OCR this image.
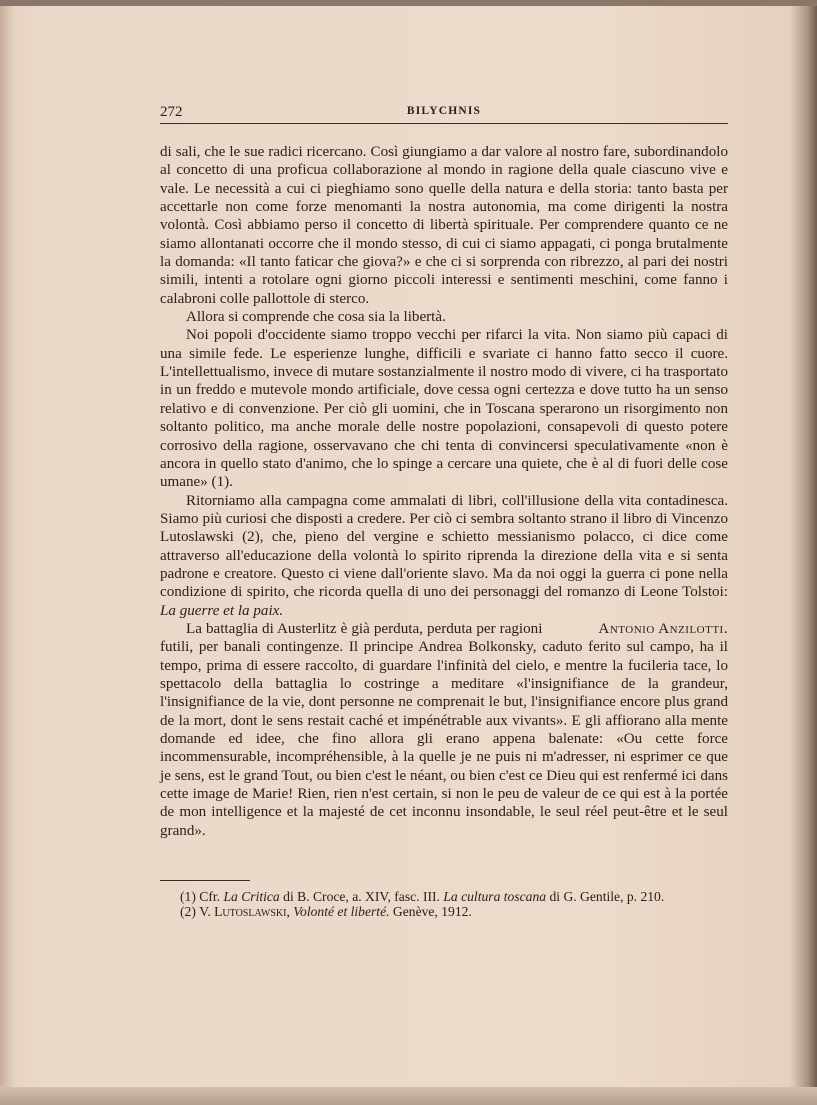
272	BILYCHNIS

di sali, che le sue radici ricercano. Così giungiamo a dar valore al nostro fare, subordinandolo al concetto di una proficua collaborazione al mondo in ragione della quale ciascuno vive e vale. Le necessità a cui ci pieghiamo sono quelle della natura e della storia: tanto basta per accettarle non come forze menomanti la nostra autonomia, ma come dirigenti la nostra volontà. Così abbiamo perso il concetto di libertà spirituale. Per comprendere quanto ce ne siamo allontanati occorre che il mondo stesso, di cui ci siamo appagati, ci ponga brutalmente la domanda: «Il tanto faticar che giova?» e che ci si sorprenda con ribrezzo, al pari dei nostri simili, intenti a rotolare ogni giorno piccoli interessi e sentimenti meschini, come fanno i calabroni colle pallottole di sterco.

Allora si comprende che cosa sia la libertà.

Noi popoli d'occidente siamo troppo vecchi per rifarci la vita. Non siamo più capaci di una simile fede. Le esperienze lunghe, difficili e svariate ci hanno fatto secco il cuore. L'intellettualismo, invece di mutare sostanzialmente il nostro modo di vivere, ci ha trasportato in un freddo e mutevole mondo artificiale, dove cessa ogni certezza e dove tutto ha un senso relativo e di convenzione. Per ciò gli uomini, che in Toscana sperarono un risorgimento non soltanto politico, ma anche morale delle nostre popolazioni, consapevoli di questo potere corrosivo della ragione, osservavano che chi tenta di convincersi speculativamente «non è ancora in quello stato d'animo, che lo spinge a cercare una quiete, che è al di fuori delle cose umane» (1).

Ritorniamo alla campagna come ammalati di libri, coll'illusione della vita contadinesca. Siamo più curiosi che disposti a credere. Per ciò ci sembra soltanto strano il libro di Vincenzo Lutoslawski (2), che, pieno del vergine e schietto messianismo polacco, ci dice come attraverso all'educazione della volontà lo spirito riprenda la direzione della vita e si senta padrone e creatore. Questo ci viene dall'oriente slavo. Ma da noi oggi la guerra ci pone nella condizione di spirito, che ricorda quella di uno dei personaggi del romanzo di Leone Tolstoi: La guerre et la paix.

Antonio Anzilotti.
La battaglia di Austerlitz è già perduta, perduta per ragioni futili, per banali contingenze. Il principe Andrea Bolkonsky, caduto ferito sul campo, ha il tempo, prima di essere raccolto, di guardare l'infinità del cielo, e mentre la fucileria tace, lo spettacolo della battaglia lo costringe a meditare «l'insignifiance de la grandeur, l'insignifiance de la vie, dont personne ne comprenait le but, l'insignifiance encore plus grand de la mort, dont le sens restait caché et impénétrable aux vivants». E gli affiorano alla mente domande ed idee, che fino allora gli erano appena balenate: «Ou cette force incommensurable, incompréhensible, à la quelle je ne puis ni m'adresser, ni esprimer ce que je sens, est le grand Tout, ou bien c'est le néant, ou bien c'est ce Dieu qui est renfermé ici dans cette image de Marie! Rien, rien n'est certain, si non le peu de valeur de ce qui est à la portée de mon intelligence et la majesté de cet inconnu insondable, le seul réel peut-être et le seul grand».

(1) Cfr. La Critica di B. Croce, a. XIV, fasc. III. La cultura toscana di G. Gentile, p. 210.
(2) V. Lutoslawski, Volonté et liberté. Genève, 1912.
